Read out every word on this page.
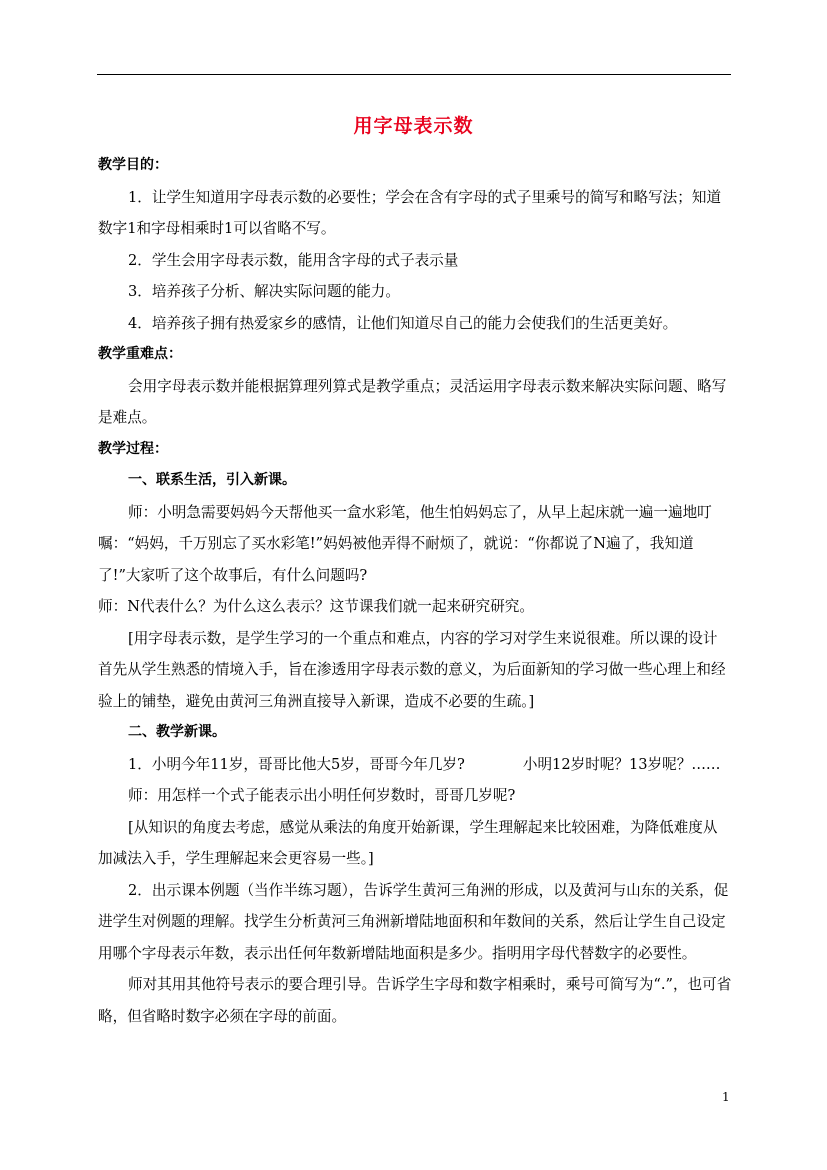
用字母表示数

教学目的：

1．让学生知道用字母表示数的必要性；学会在含有字母的式子里乘号的简写和略写法；知道数字1和字母相乘时1可以省略不写。

2．学生会用字母表示数，能用含字母的式子表示量

3．培养孩子分析、解决实际问题的能力。

4．培养孩子拥有热爱家乡的感情，让他们知道尽自己的能力会使我们的生活更美好。

教学重难点：

会用字母表示数并能根据算理列算式是教学重点；灵活运用字母表示数来解决实际问题、略写是难点。

教学过程：

一、联系生活，引入新课。

师：小明急需要妈妈今天帮他买一盒水彩笔，他生怕妈妈忘了，从早上起床就一遍一遍地叮嘱：“妈妈，千万别忘了买水彩笔!”妈妈被他弄得不耐烦了，就说：“你都说了N遍了，我知道了!”大家听了这个故事后，有什么问题吗?

师：N代表什么？为什么这么表示？这节课我们就一起来研究研究。

[用字母表示数，是学生学习的一个重点和难点，内容的学习对学生来说很难。所以课的设计首先从学生熟悉的情境入手，旨在渗透用字母表示数的意义，为后面新知的学习做一些心理上和经验上的铺垫，避免由黄河三角洲直接导入新课，造成不必要的生疏。]

二、教学新课。

1．小明今年11岁，哥哥比他大5岁，哥哥今年几岁?	小明12岁时呢？13岁呢？……

师：用怎样一个式子能表示出小明任何岁数时，哥哥几岁呢?

[从知识的角度去考虑，感觉从乘法的角度开始新课，学生理解起来比较困难，为降低难度从加减法入手，学生理解起来会更容易一些。]

2．出示课本例题（当作半练习题），告诉学生黄河三角洲的形成，以及黄河与山东的关系，促进学生对例题的理解。找学生分析黄河三角洲新增陆地面积和年数间的关系，然后让学生自己设定用哪个字母表示年数，表示出任何年数新增陆地面积是多少。指明用字母代替数字的必要性。

师对其用其他符号表示的要合理引导。告诉学生字母和数字相乘时，乘号可简写为“.”，也可省略，但省略时数字必须在字母的前面。

1
